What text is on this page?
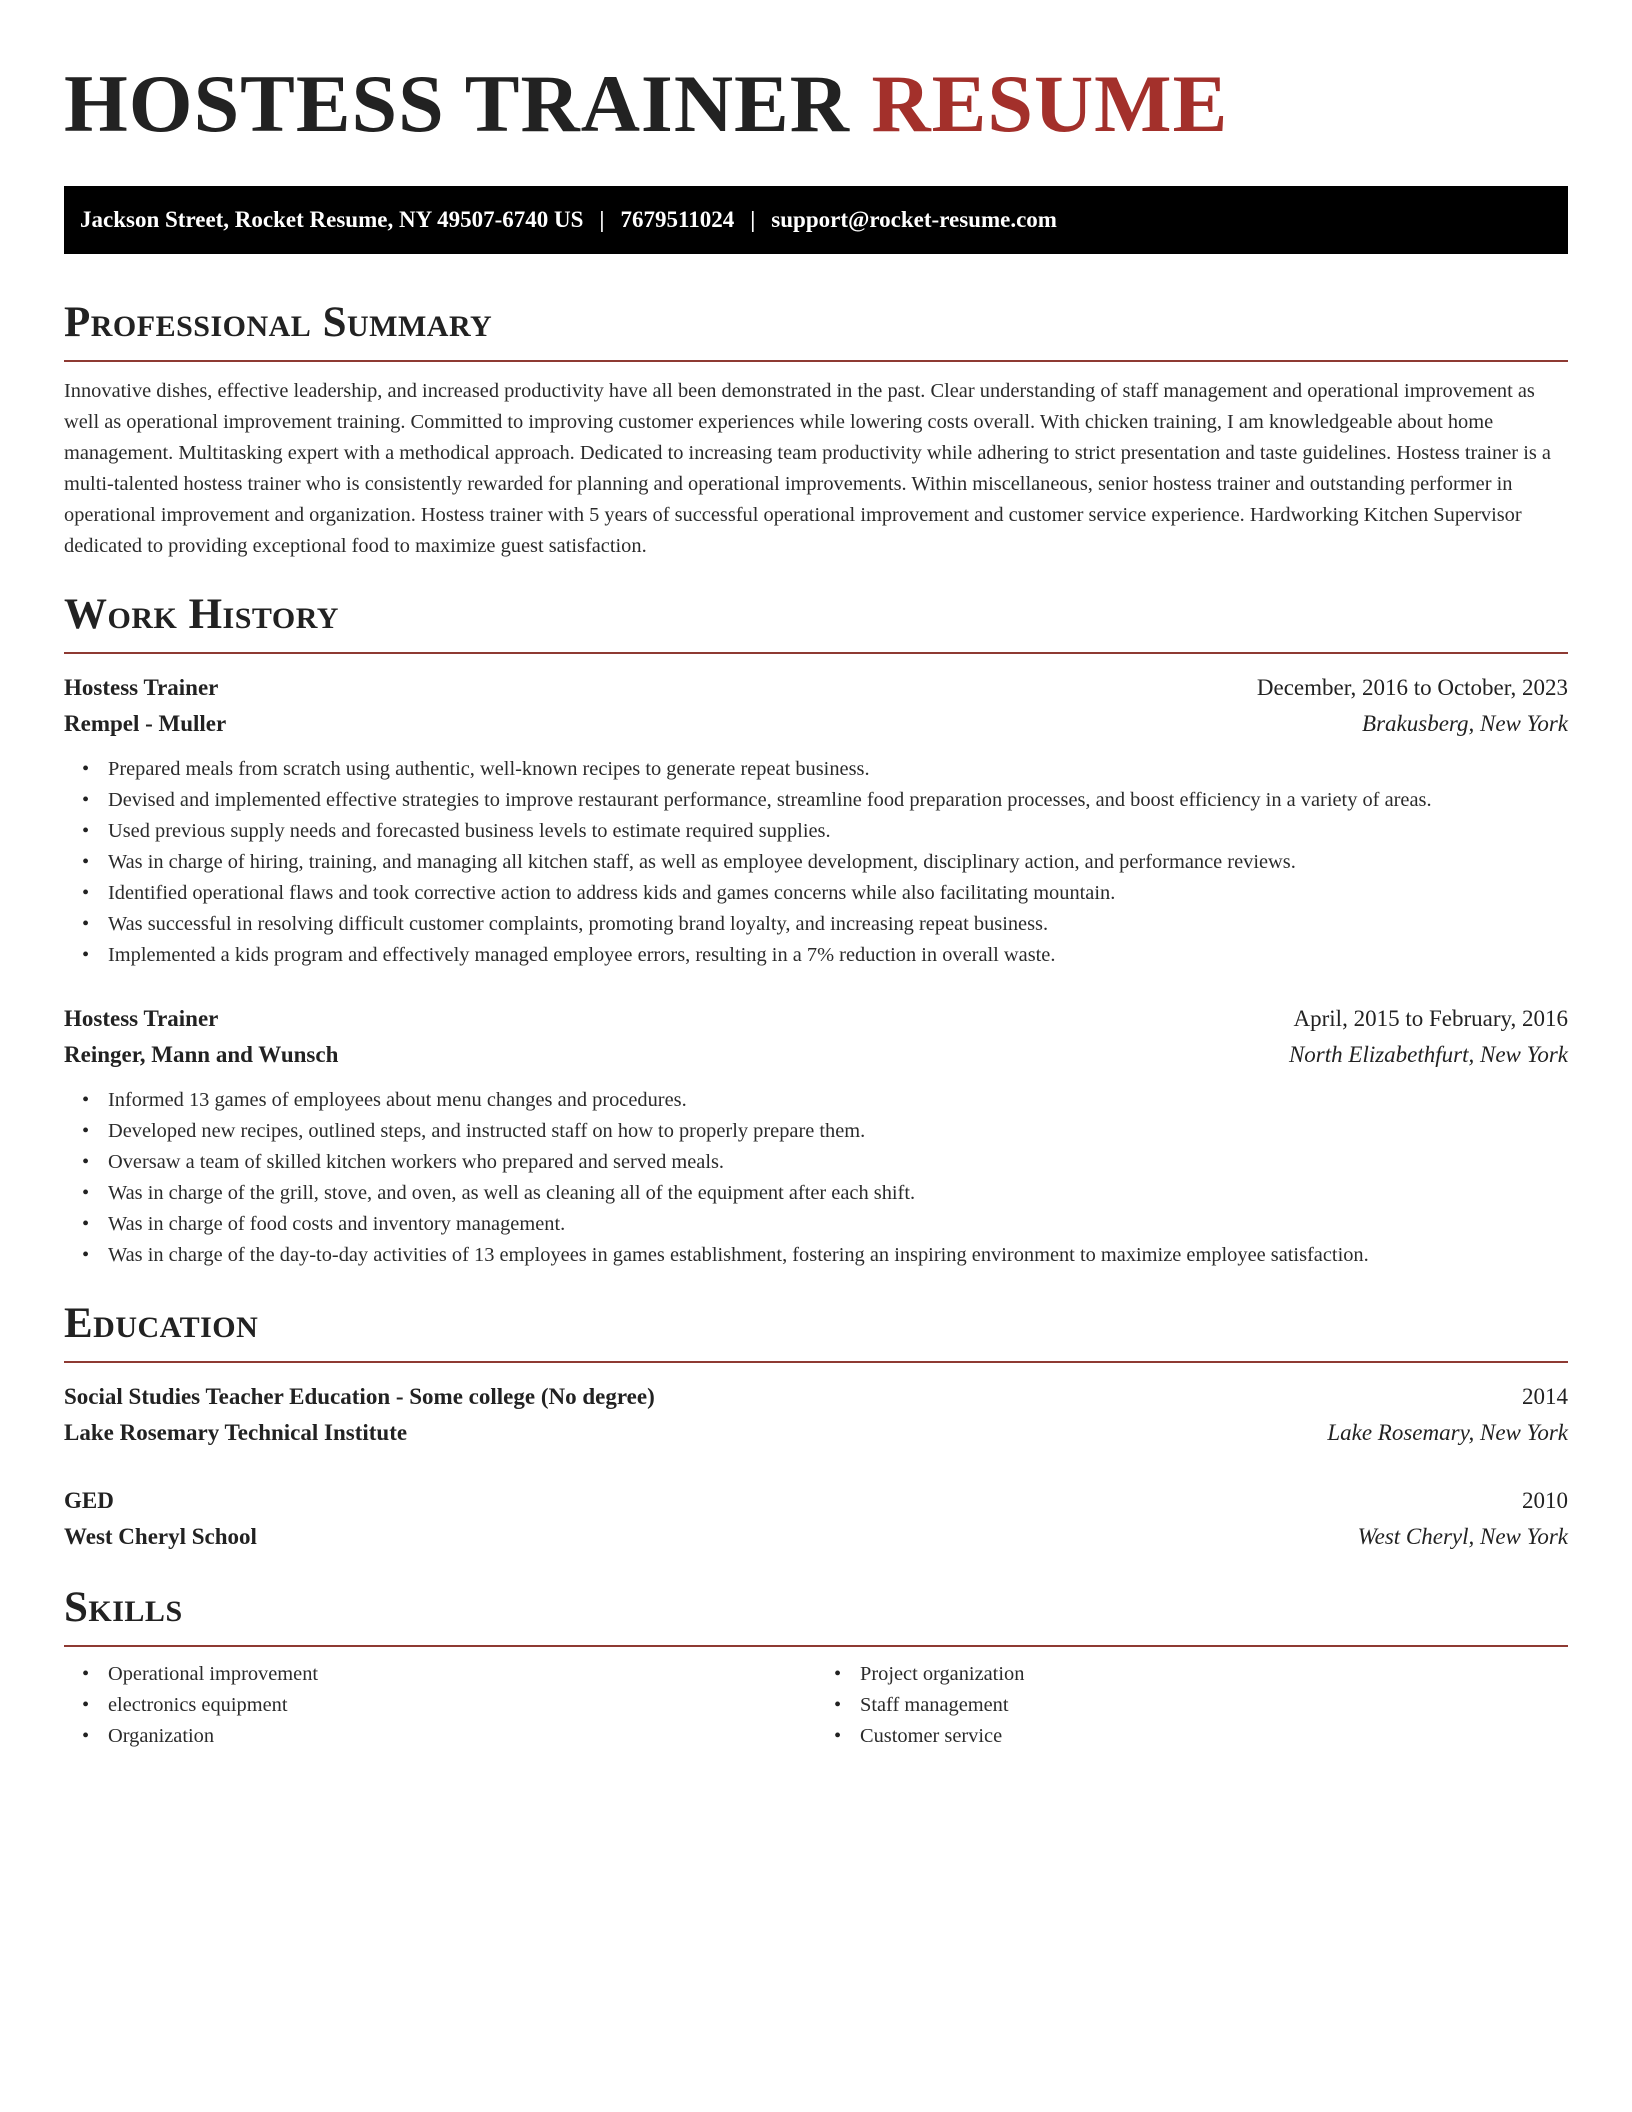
HOSTESS TRAINER RESUME
Jackson Street, Rocket Resume, NY 49507-6740 US | 7679511024 | support@rocket-resume.com
Professional Summary

Innovative dishes, effective leadership, and increased productivity have all been demonstrated in the past. Clear understanding of staff management and operational improvement as well as operational improvement training. Committed to improving customer experiences while lowering costs overall. With chicken training, I am knowledgeable about home management. Multitasking expert with a methodical approach. Dedicated to increasing team productivity while adhering to strict presentation and taste guidelines. Hostess trainer is a multi-talented hostess trainer who is consistently rewarded for planning and operational improvements. Within miscellaneous, senior hostess trainer and outstanding performer in operational improvement and organization. Hostess trainer with 5 years of successful operational improvement and customer service experience. Hardworking Kitchen Supervisor dedicated to providing exceptional food to maximize guest satisfaction.

Work History
Hostess Trainer	December, 2016 to October, 2023
Rempel - Muller	Brakusberg, New York
• Prepared meals from scratch using authentic, well-known recipes to generate repeat business.
• Devised and implemented effective strategies to improve restaurant performance, streamline food preparation processes, and boost efficiency in a variety of areas.
• Used previous supply needs and forecasted business levels to estimate required supplies.
• Was in charge of hiring, training, and managing all kitchen staff, as well as employee development, disciplinary action, and performance reviews.
• Identified operational flaws and took corrective action to address kids and games concerns while also facilitating mountain.
• Was successful in resolving difficult customer complaints, promoting brand loyalty, and increasing repeat business.
• Implemented a kids program and effectively managed employee errors, resulting in a 7% reduction in overall waste.
Hostess Trainer	April, 2015 to February, 2016
Reinger, Mann and Wunsch	North Elizabethfurt, New York
• Informed 13 games of employees about menu changes and procedures.
• Developed new recipes, outlined steps, and instructed staff on how to properly prepare them.
• Oversaw a team of skilled kitchen workers who prepared and served meals.
• Was in charge of the grill, stove, and oven, as well as cleaning all of the equipment after each shift.
• Was in charge of food costs and inventory management.
• Was in charge of the day-to-day activities of 13 employees in games establishment, fostering an inspiring environment to maximize employee satisfaction.
Education
Social Studies Teacher Education - Some college (No degree)	2014
Lake Rosemary Technical Institute	Lake Rosemary, New York
GED	2010
West Cheryl School	West Cheryl, New York
Skills
• Operational improvement
• electronics equipment
• Organization
• Project organization
• Staff management
• Customer service
